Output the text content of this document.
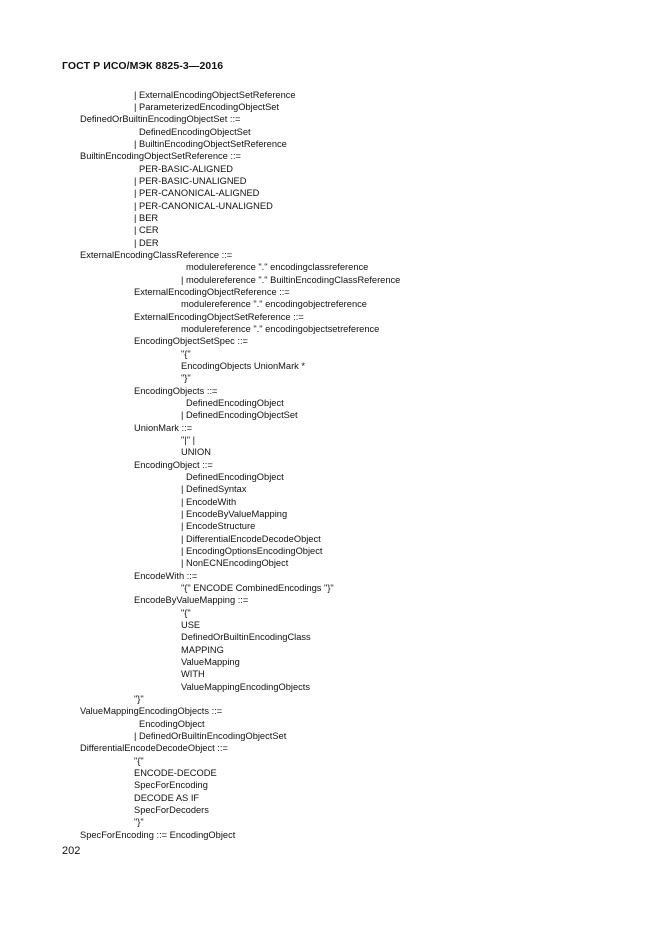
ГОСТ Р ИСО/МЭК 8825-3—2016
| ExternalEncodingObjectSetReference
| ParameterizedEncodingObjectSet
DefinedOrBuiltinEncodingObjectSet ::=
DefinedEncodingObjectSet
| BuiltinEncodingObjectSetReference
BuiltinEncodingObjectSetReference ::=
PER-BASIC-ALIGNED
| PER-BASIC-UNALIGNED
| PER-CANONICAL-ALIGNED
| PER-CANONICAL-UNALIGNED
| BER
| CER
| DER
ExternalEncodingClassReference ::=
modulereference "." encodingclassreference
| modulereference "." BuiltinEncodingClassReference
ExternalEncodingObjectReference ::=
modulereference "." encodingobjectreference
ExternalEncodingObjectSetReference ::=
modulereference "." encodingobjectsetreference
EncodingObjectSetSpec ::=
"{"
EncodingObjects UnionMark *
"}"
EncodingObjects ::=
DefinedEncodingObject
| DefinedEncodingObjectSet
UnionMark ::=
"|" |
UNION
EncodingObject ::=
DefinedEncodingObject
| DefinedSyntax
| EncodeWith
| EncodeByValueMapping
| EncodeStructure
| DifferentialEncodeDecodeObject
| EncodingOptionsEncodingObject
| NonECNEncodingObject
EncodeWith ::=
"{" ENCODE CombinedEncodings "}"
EncodeByValueMapping ::=
"{"
USE
DefinedOrBuiltinEncodingClass
MAPPING
ValueMapping
WITH
ValueMappingEncodingObjects
"}"
ValueMappingEncodingObjects ::=
EncodingObject
| DefinedOrBuiltinEncodingObjectSet
DifferentialEncodeDecodeObject ::=
"{"
ENCODE-DECODE
SpecForEncoding
DECODE AS IF
SpecForDecoders
"}"
SpecForEncoding ::= EncodingObject
202
